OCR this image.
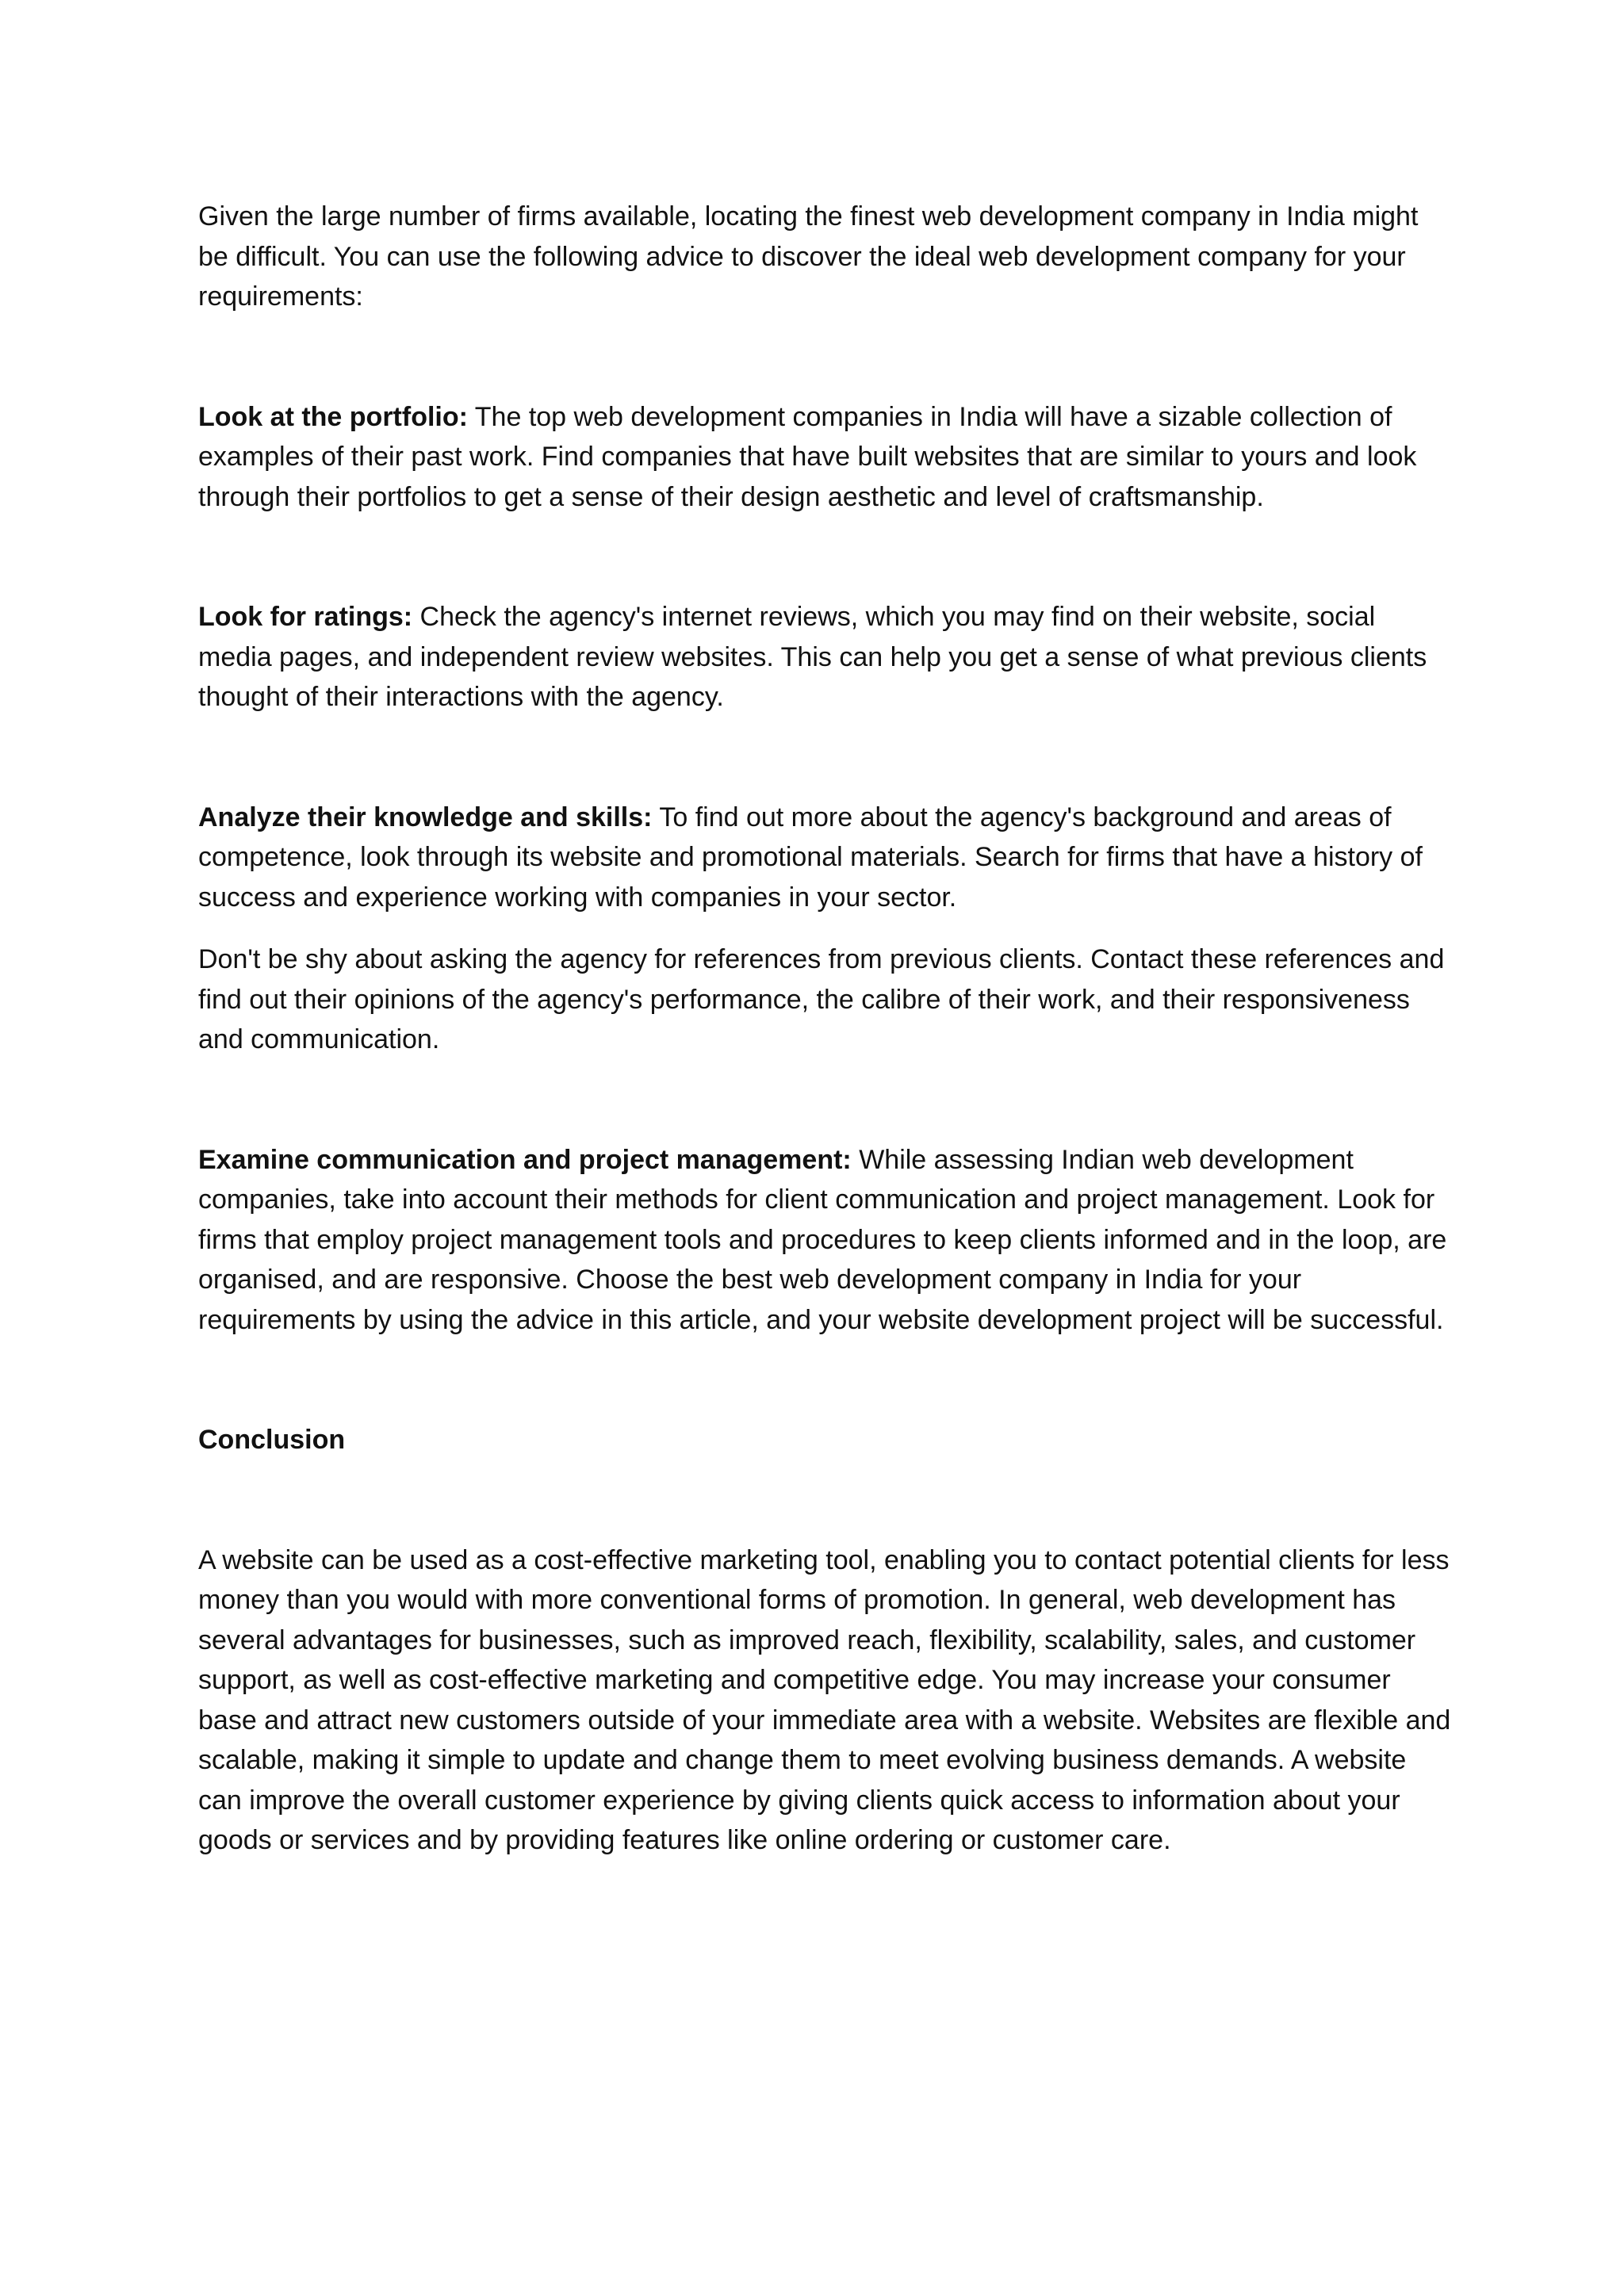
Given the large number of firms available, locating the finest web development company in India might be difficult. You can use the following advice to discover the ideal web development company for your requirements:

Look at the portfolio: The top web development companies in India will have a sizable collection of examples of their past work. Find companies that have built websites that are similar to yours and look through their portfolios to get a sense of their design aesthetic and level of craftsmanship.

Look for ratings: Check the agency's internet reviews, which you may find on their website, social media pages, and independent review websites. This can help you get a sense of what previous clients thought of their interactions with the agency.

Analyze their knowledge and skills: To find out more about the agency's background and areas of competence, look through its website and promotional materials. Search for firms that have a history of success and experience working with companies in your sector.

Don't be shy about asking the agency for references from previous clients. Contact these references and find out their opinions of the agency's performance, the calibre of their work, and their responsiveness and communication.

Examine communication and project management: While assessing Indian web development companies, take into account their methods for client communication and project management. Look for firms that employ project management tools and procedures to keep clients informed and in the loop, are organised, and are responsive. Choose the best web development company in India for your requirements by using the advice in this article, and your website development project will be successful.

Conclusion

A website can be used as a cost-effective marketing tool, enabling you to contact potential clients for less money than you would with more conventional forms of promotion. In general, web development has several advantages for businesses, such as improved reach, flexibility, scalability, sales, and customer support, as well as cost-effective marketing and competitive edge. You may increase your consumer base and attract new customers outside of your immediate area with a website. Websites are flexible and scalable, making it simple to update and change them to meet evolving business demands. A website can improve the overall customer experience by giving clients quick access to information about your goods or services and by providing features like online ordering or customer care.
